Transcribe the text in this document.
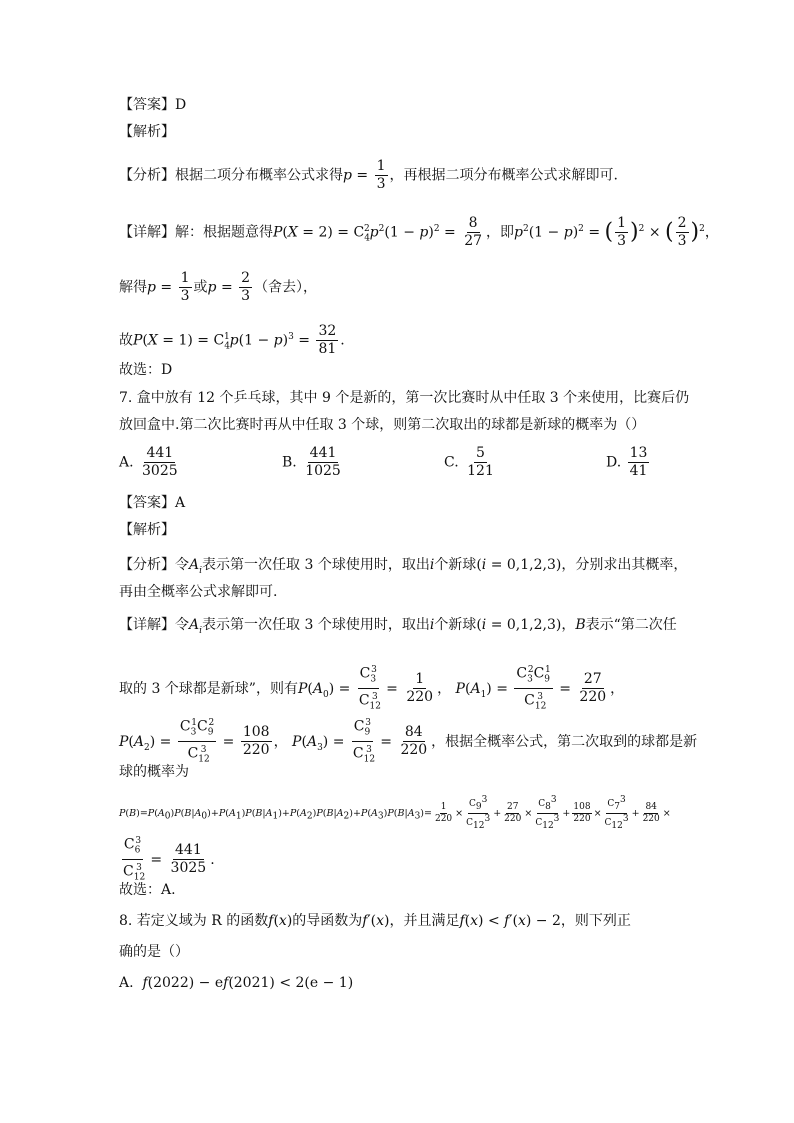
【答案】D
【解析】
【分析】根据二项分布概率公式求得$p = \frac{1}{3}$ ，再根据二项分布概率公式求解即可.
【详解】解：根据题意得$P(X = 2) = C_4^2p^2(1 - p)^2 = \frac{8}{27}$ ，即$p^2(1 - p)^2$ = ( $\frac{1}{3} )^2$ × ( $\frac{2}{3} )^2$，
解得$p = \frac{1}{3}$ 或$p = \frac{2}{3}$ （舍去），
故$P(X = 1) = C_4^1p(1 - p)^3 = \frac{32}{81}$ .
故选：D
7. 盒中放有 12 个乒乓球，其中 9 个是新的，第一次比赛时从中任取 3 个来使用，比赛后仍
放回盒中.第二次比赛时再从中任取 3 个球，则第二次取出的球都是新球的概率为（）
A. $\frac{441}{3025}$	B. $\frac{441}{1025}$	C. $\frac{5}{121}$	D. $\frac{13}{41}$
【答案】A
【解析】
【分析】令$A_i$表示第一次任取 3 个球使用时，取出i个新球(i = 0,1,2,3)，分别求出其概率，
再由全概率公式求解即可.
【详解】令$A_i$表示第一次任取 3 个球使用时，取出i个新球(i = 0,1,2,3)，B表示“第二次任
取的 3 个球都是新球”，则有$P(A_0) = \frac{C_3^3}{C_{12}^3} = \frac{1}{220}$ ， $P(A_1) = \frac{C_3^2C_9^1}{C_{12}^3} = \frac{27}{220}$ ，
$P(A_2) = \frac{C_3^1C_9^2}{C_{12}^3} = \frac{108}{220}$ ， $P(A_3) = \frac{C_9^3}{C_{12}^3} = \frac{84}{220}$ ，根据全概率公式，第二次取到的球都是新
球的概率为
$P(B)=P(A_0)P(B|A_0)+P(A_1)P(B|A_1)+P(A_2)P(B|A_2)+P(A_3)P(B|A_3)= \frac{1}{220} \times \frac{C_9^3}{C_{12}^3} + \frac{27}{220} \times \frac{C_8^3}{C_{12}^3} + \frac{108}{220} \times \frac{C_7^3}{C_{12}^3} + \frac{84}{220}$ ×
$\frac{C_6^3}{C_{12}^3} = \frac{441}{3025}$ .
故选：A.
8. 若定义域为 R 的函数f(x)的导函数为f′(x)，并且满足f(x) < f′(x) − 2，则下列正
确的是（）
A. f(2022) − ef(2021) < 2(e − 1)
